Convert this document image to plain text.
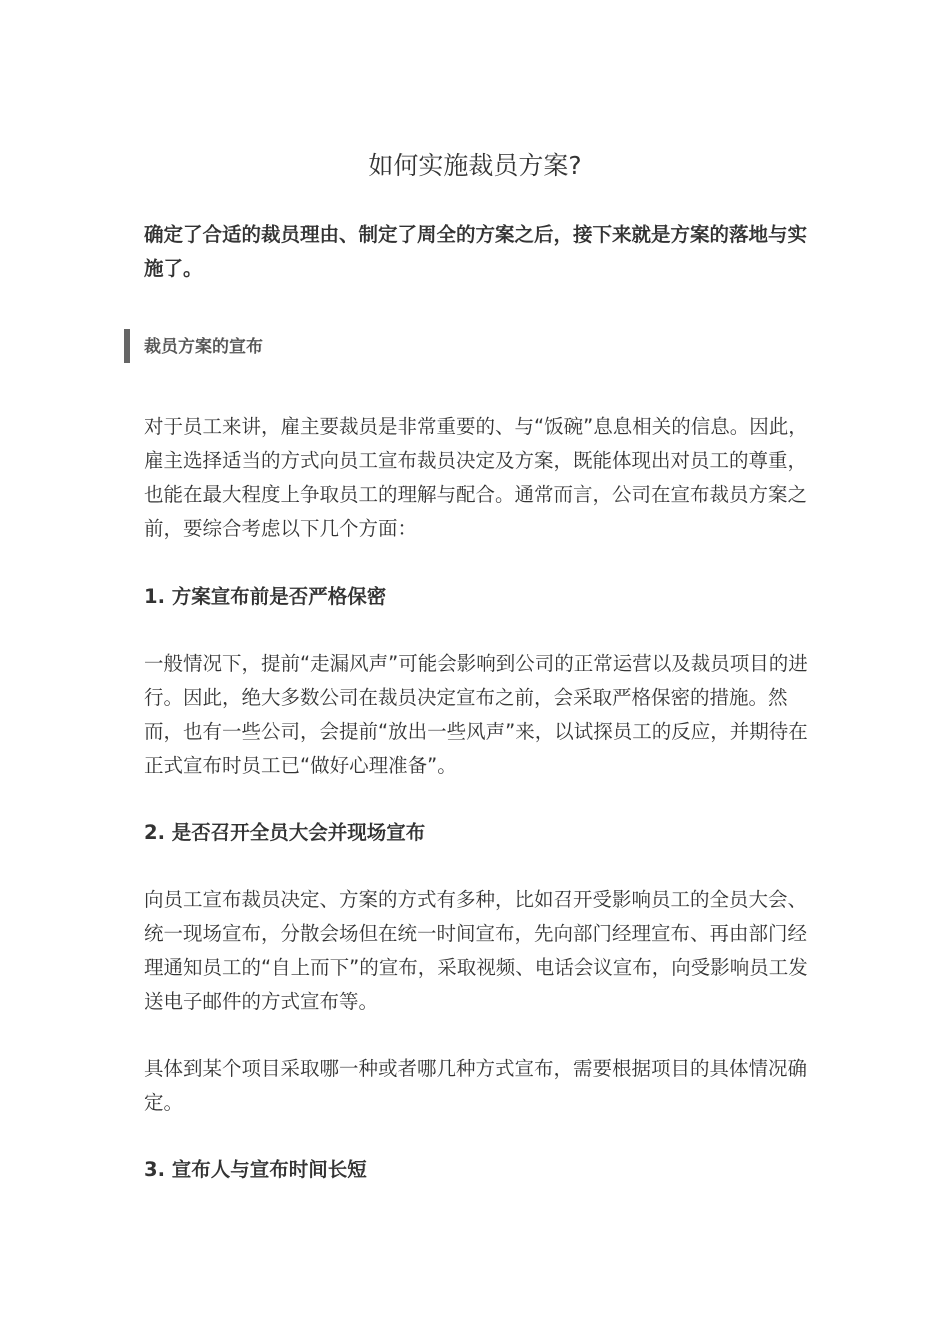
如何实施裁员方案?

确定了合适的裁员理由、制定了周全的方案之后，接下来就是方案的落地与实施了。

裁员方案的宣布

对于员工来讲，雇主要裁员是非常重要的、与“饭碗”息息相关的信息。因此，雇主选择适当的方式向员工宣布裁员决定及方案，既能体现出对员工的尊重，也能在最大程度上争取员工的理解与配合。通常而言，公司在宣布裁员方案之前，要综合考虑以下几个方面：

1. 方案宣布前是否严格保密

一般情况下，提前“走漏风声”可能会影响到公司的正常运营以及裁员项目的进行。因此，绝大多数公司在裁员决定宣布之前，会采取严格保密的措施。然而，也有一些公司，会提前“放出一些风声”来，以试探员工的反应，并期待在正式宣布时员工已“做好心理准备”。

2. 是否召开全员大会并现场宣布

向员工宣布裁员决定、方案的方式有多种，比如召开受影响员工的全员大会、统一现场宣布，分散会场但在统一时间宣布，先向部门经理宣布、再由部门经理通知员工的“自上而下”的宣布，采取视频、电话会议宣布，向受影响员工发送电子邮件的方式宣布等。

具体到某个项目采取哪一种或者哪几种方式宣布，需要根据项目的具体情况确定。

3. 宣布人与宣布时间长短
